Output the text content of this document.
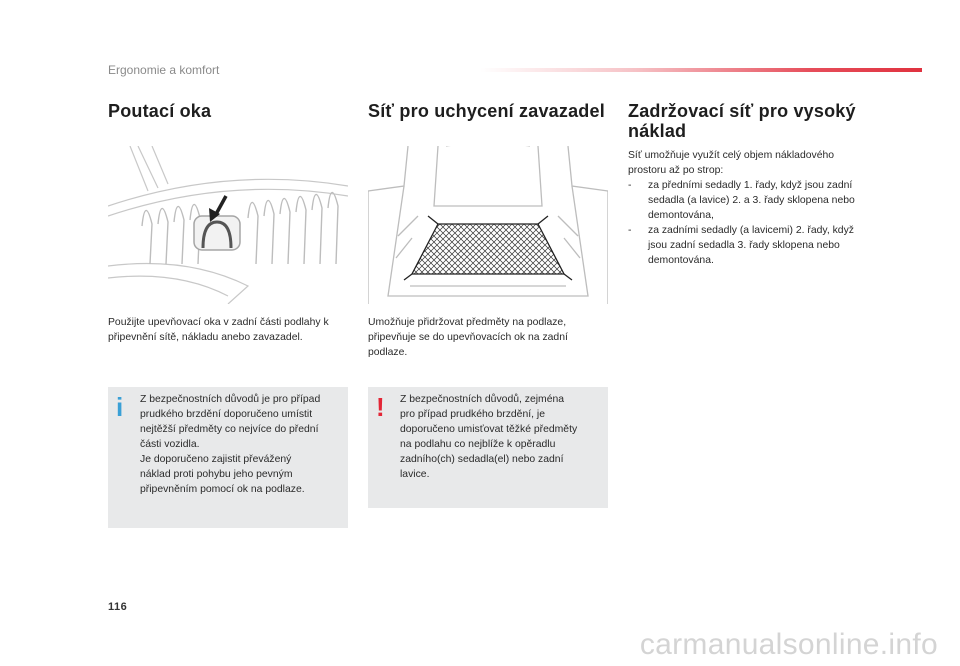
Ergonomie a komfort
Poutací oka
Použijte upevňovací oka v zadní části podlahy k připevnění sítě, nákladu anebo zavazadel.
i Z bezpečnostních důvodů je pro případ
prudkého brzdění doporučeno umístit
nejtěžší předměty co nejvíce do přední
části vozidla.
Je doporučeno zajistit převážený
náklad proti pohybu jeho pevným
připevněním pomocí ok na podlaze.
Síť pro uchycení zavazadel
Umožňuje přidržovat předměty na podlaze, připevňuje se do upevňovacích ok na zadní podlaze.
! Z bezpečnostních důvodů, zejména
pro případ prudkého brzdění, je
doporučeno umisťovat těžké předměty
na podlahu co nejblíže k opěradlu
zadního(ch) sedadla(el) nebo zadní
lavice.
Zadržovací síť pro vysoký
náklad
Síť umožňuje využít celý objem nákladového prostoru až po strop:
- za předními sedadly 1. řady, když jsou zadní sedadla (a lavice) 2. a 3. řady sklopena nebo demontována,
- za zadními sedadly (a lavicemi) 2. řady, když jsou zadní sedadla 3. řady sklopena nebo demontována.
116
carmanualsonline.info
